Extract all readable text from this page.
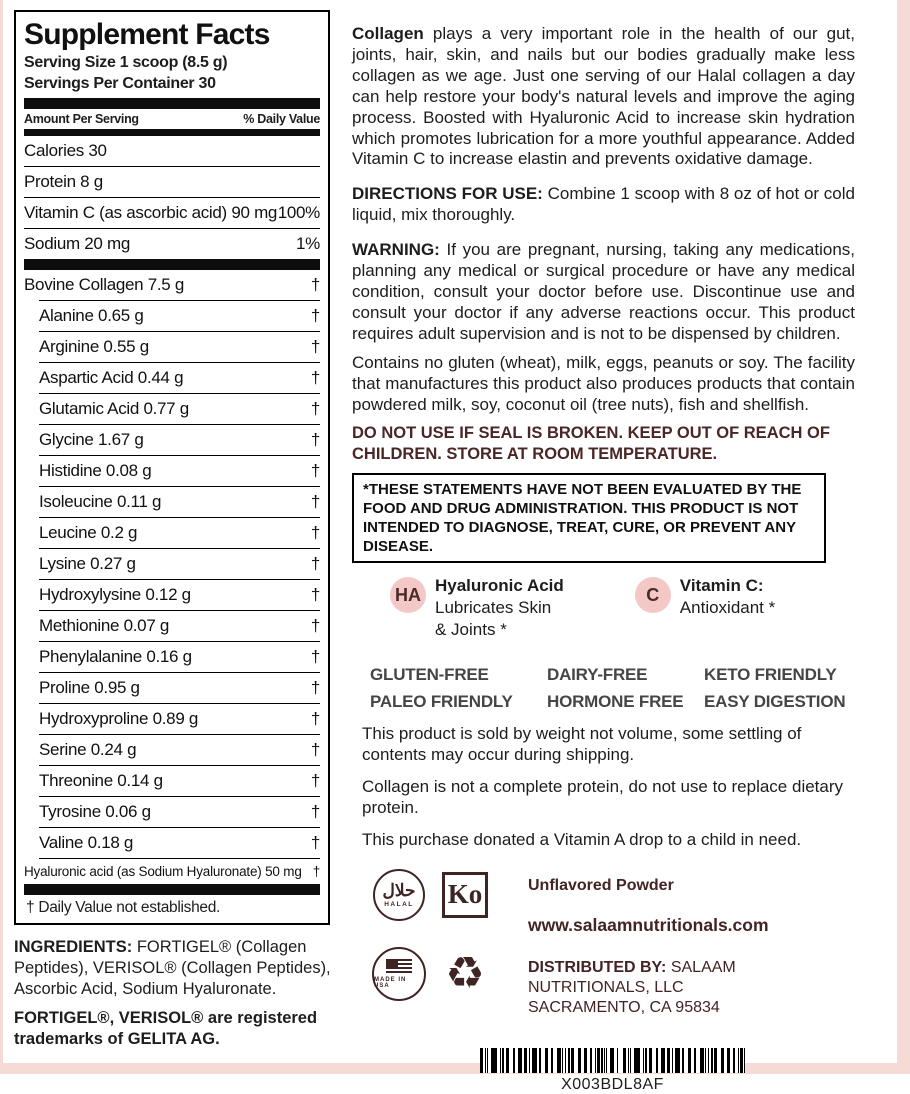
Supplement Facts
Serving Size 1 scoop (8.5 g)
Servings Per Container 30
Amount Per Serving	% Daily Value
Calories 30
Protein 8 g
Vitamin C (as ascorbic acid) 90 mg 100%
Sodium 20 mg	1%
Bovine Collagen 7.5 g	†
Alanine 0.65 g	†
Arginine 0.55 g	†
Aspartic Acid 0.44 g	†
Glutamic Acid 0.77 g	†
Glycine 1.67 g	†
Histidine 0.08 g	†
Isoleucine 0.11 g	†
Leucine 0.2 g	†
Lysine 0.27 g	†
Hydroxylysine 0.12 g	†
Methionine 0.07 g	†
Phenylalanine 0.16 g	†
Proline 0.95 g	†
Hydroxyproline 0.89 g	†
Serine 0.24 g	†
Threonine 0.14 g	†
Tyrosine 0.06 g	†
Valine 0.18 g	†
Hyaluronic acid (as Sodium Hyaluronate) 50 mg †
† Daily Value not established.
INGREDIENTS: FORTIGEL® (Collagen Peptides), VERISOL® (Collagen Peptides), Ascorbic Acid, Sodium Hyaluronate.
FORTIGEL®, VERISOL® are registered trademarks of GELITA AG.

Collagen plays a very important role in the health of our gut, joints, hair, skin, and nails but our bodies gradually make less collagen as we age. Just one serving of our Halal collagen a day can help restore your body's natural levels and improve the aging process. Boosted with Hyaluronic Acid to increase skin hydration which promotes lubrication for a more youthful appearance. Added Vitamin C to increase elastin and prevents oxidative damage.

DIRECTIONS FOR USE: Combine 1 scoop with 8 oz of hot or cold liquid, mix thoroughly.

WARNING: If you are pregnant, nursing, taking any medications, planning any medical or surgical procedure or have any medical condition, consult your doctor before use. Discontinue use and consult your doctor if any adverse reactions occur. This product requires adult supervision and is not to be dispensed by children.

Contains no gluten (wheat), milk, eggs, peanuts or soy. The facility that manufactures this product also produces products that contain powdered milk, soy, coconut oil (tree nuts), fish and shellfish.

DO NOT USE IF SEAL IS BROKEN. KEEP OUT OF REACH OF CHILDREN. STORE AT ROOM TEMPERATURE.

*THESE STATEMENTS HAVE NOT BEEN EVALUATED BY THE FOOD AND DRUG ADMINISTRATION. THIS PRODUCT IS NOT INTENDED TO DIAGNOSE, TREAT, CURE, OR PREVENT ANY DISEASE.
HA Hyaluronic Acid
Lubricates Skin
& Joints *
C	Vitamin C:
Antioxidant *
GLUTEN-FREE	DAIRY-FREE	KETO FRIENDLY
PALEO FRIENDLY	HORMONE FREE	EASY DIGESTION

This product is sold by weight not volume, some settling of contents may occur during shipping.

Collagen is not a complete protein, do not use to replace dietary protein.

This purchase donated a Vitamin A drop to a child in need.

حلال
HALAL Ko
MADE IN USA	♻︎
Unflavored Powder
www.salaamnutritionals.com
DISTRIBUTED BY: SALAAM NUTRITIONALS, LLC
SACRAMENTO, CA 95834
X003BDL8AF
